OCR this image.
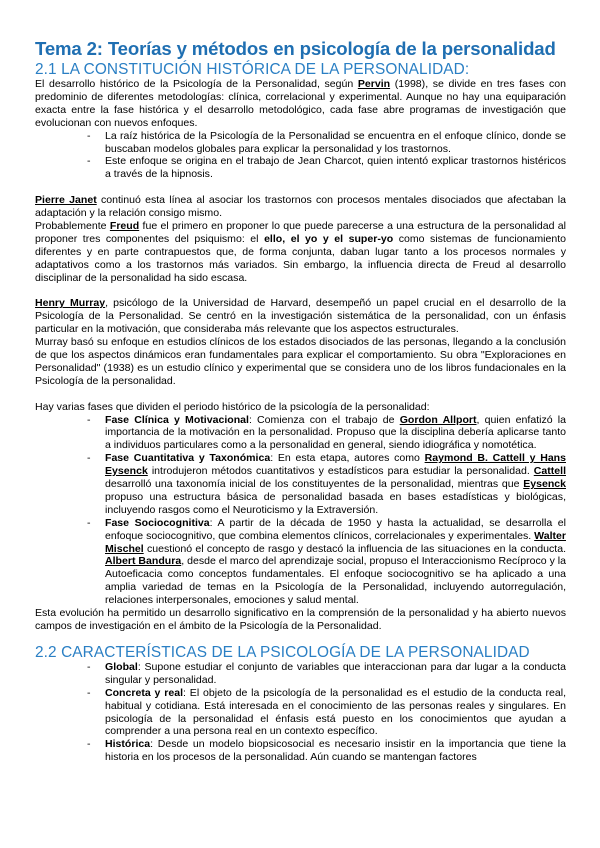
Tema 2: Teorías y métodos en psicología de la personalidad
2.1 LA CONSTITUCIÓN HISTÓRICA DE LA PERSONALIDAD:

El desarrollo histórico de la Psicología de la Personalidad, según Pervin (1998), se divide en tres fases con predominio de diferentes metodologías: clínica, correlacional y experimental. Aunque no hay una equiparación exacta entre la fase histórica y el desarrollo metodológico, cada fase abre programas de investigación que evolucionan con nuevos enfoques.

- La raíz histórica de la Psicología de la Personalidad se encuentra en el enfoque clínico, donde se buscaban modelos globales para explicar la personalidad y los trastornos.
- Este enfoque se origina en el trabajo de Jean Charcot, quien intentó explicar trastornos histéricos a través de la hipnosis.

Pierre Janet continuó esta línea al asociar los trastornos con procesos mentales disociados que afectaban la adaptación y la relación consigo mismo.

Probablemente Freud fue el primero en proponer lo que puede parecerse a una estructura de la personalidad al proponer tres componentes del psiquismo: el ello, el yo y el super-yo como sistemas de funcionamiento diferentes y en parte contrapuestos que, de forma conjunta, daban lugar tanto a los procesos normales y adaptativos como a los trastornos más variados. Sin embargo, la influencia directa de Freud al desarrollo disciplinar de la personalidad ha sido escasa.

Henry Murray, psicólogo de la Universidad de Harvard, desempeñó un papel crucial en el desarrollo de la Psicología de la Personalidad. Se centró en la investigación sistemática de la personalidad, con un énfasis particular en la motivación, que consideraba más relevante que los aspectos estructurales.

Murray basó su enfoque en estudios clínicos de los estados disociados de las personas, llegando a la conclusión de que los aspectos dinámicos eran fundamentales para explicar el comportamiento. Su obra "Exploraciones en Personalidad" (1938) es un estudio clínico y experimental que se considera uno de los libros fundacionales en la Psicología de la personalidad.

Hay varias fases que dividen el periodo histórico de la psicología de la personalidad:

- Fase Clínica y Motivacional: Comienza con el trabajo de Gordon Allport, quien enfatizó la importancia de la motivación en la personalidad. Propuso que la disciplina debería aplicarse tanto a individuos particulares como a la personalidad en general, siendo idiográfica y nomotética.
- Fase Cuantitativa y Taxonómica: En esta etapa, autores como Raymond B. Cattell y Hans Eysenck introdujeron métodos cuantitativos y estadísticos para estudiar la personalidad. Cattell desarrolló una taxonomía inicial de los constituyentes de la personalidad, mientras que Eysenck propuso una estructura básica de personalidad basada en bases estadísticas y biológicas, incluyendo rasgos como el Neuroticismo y la Extraversión.
- Fase Sociocognitiva: A partir de la década de 1950 y hasta la actualidad, se desarrolla el enfoque sociocognitivo, que combina elementos clínicos, correlacionales y experimentales. Walter Mischel cuestionó el concepto de rasgo y destacó la influencia de las situaciones en la conducta. Albert Bandura, desde el marco del aprendizaje social, propuso el Interaccionismo Recíproco y la Autoeficacia como conceptos fundamentales. El enfoque sociocognitivo se ha aplicado a una amplia variedad de temas en la Psicología de la Personalidad, incluyendo autorregulación, relaciones interpersonales, emociones y salud mental.

Esta evolución ha permitido un desarrollo significativo en la comprensión de la personalidad y ha abierto nuevos campos de investigación en el ámbito de la Psicología de la Personalidad.

2.2 CARACTERÍSTICAS DE LA PSICOLOGÍA DE LA PERSONALIDAD
- Global: Supone estudiar el conjunto de variables que interaccionan para dar lugar a la conducta singular y personalidad.
- Concreta y real: El objeto de la psicología de la personalidad es el estudio de la conducta real, habitual y cotidiana. Está interesada en el conocimiento de las personas reales y singulares. En psicología de la personalidad el énfasis está puesto en los conocimientos que ayudan a comprender a una persona real en un contexto específico.
- Histórica: Desde un modelo biopsicosocial es necesario insistir en la importancia que tiene la historia en los procesos de la personalidad. Aún cuando se mantengan factores
